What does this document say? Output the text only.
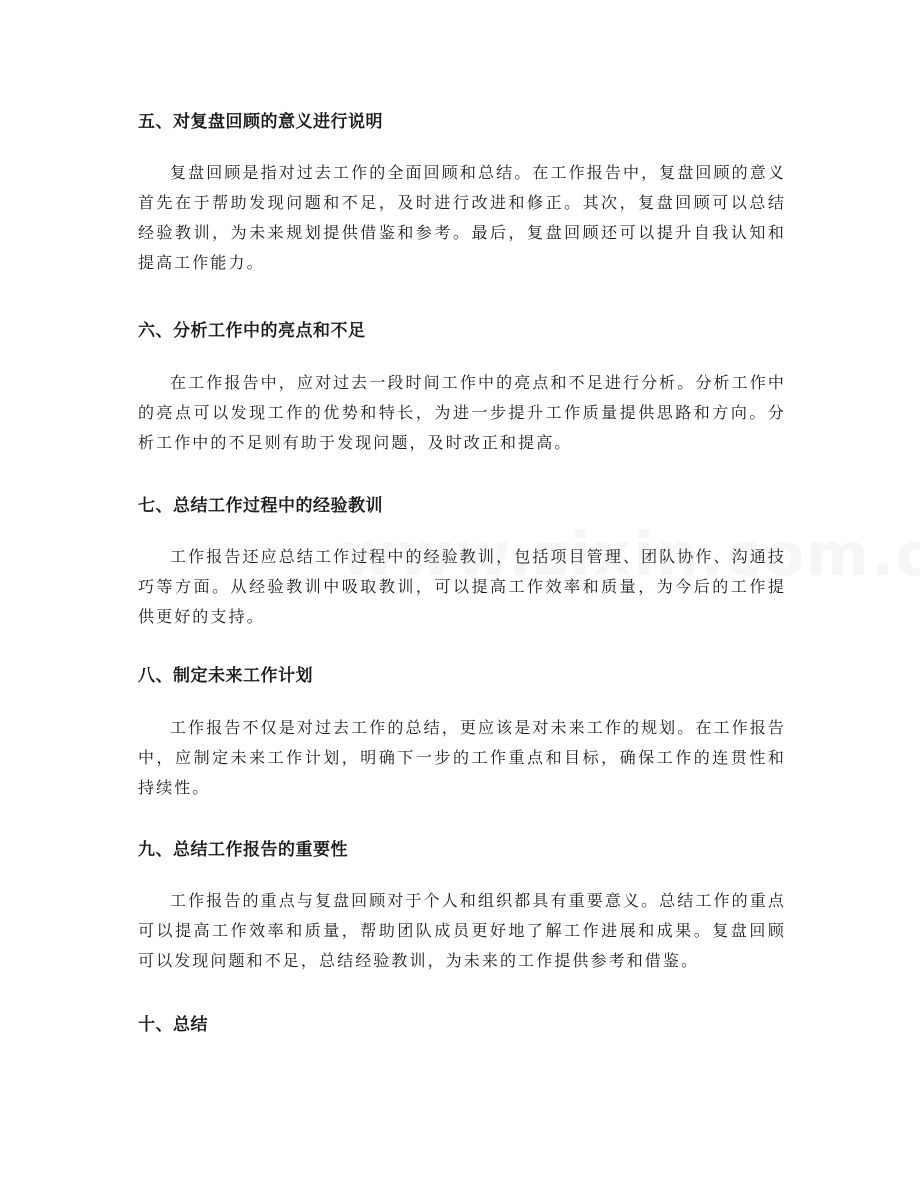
五、对复盘回顾的意义进行说明

复盘回顾是指对过去工作的全面回顾和总结。在工作报告中，复盘回顾的意义首先在于帮助发现问题和不足，及时进行改进和修正。其次，复盘回顾可以总结经验教训，为未来规划提供借鉴和参考。最后，复盘回顾还可以提升自我认知和提高工作能力。

六、分析工作中的亮点和不足

在工作报告中，应对过去一段时间工作中的亮点和不足进行分析。分析工作中的亮点可以发现工作的优势和特长，为进一步提升工作质量提供思路和方向。分析工作中的不足则有助于发现问题，及时改正和提高。

七、总结工作过程中的经验教训

工作报告还应总结工作过程中的经验教训，包括项目管理、团队协作、沟通技巧等方面。从经验教训中吸取教训，可以提高工作效率和质量，为今后的工作提供更好的支持。

八、制定未来工作计划

工作报告不仅是对过去工作的总结，更应该是对未来工作的规划。在工作报告中，应制定未来工作计划，明确下一步的工作重点和目标，确保工作的连贯性和持续性。

九、总结工作报告的重要性

工作报告的重点与复盘回顾对于个人和组织都具有重要意义。总结工作的重点可以提高工作效率和质量，帮助团队成员更好地了解工作进展和成果。复盘回顾可以发现问题和不足，总结经验教训，为未来的工作提供参考和借鉴。

十、总结
